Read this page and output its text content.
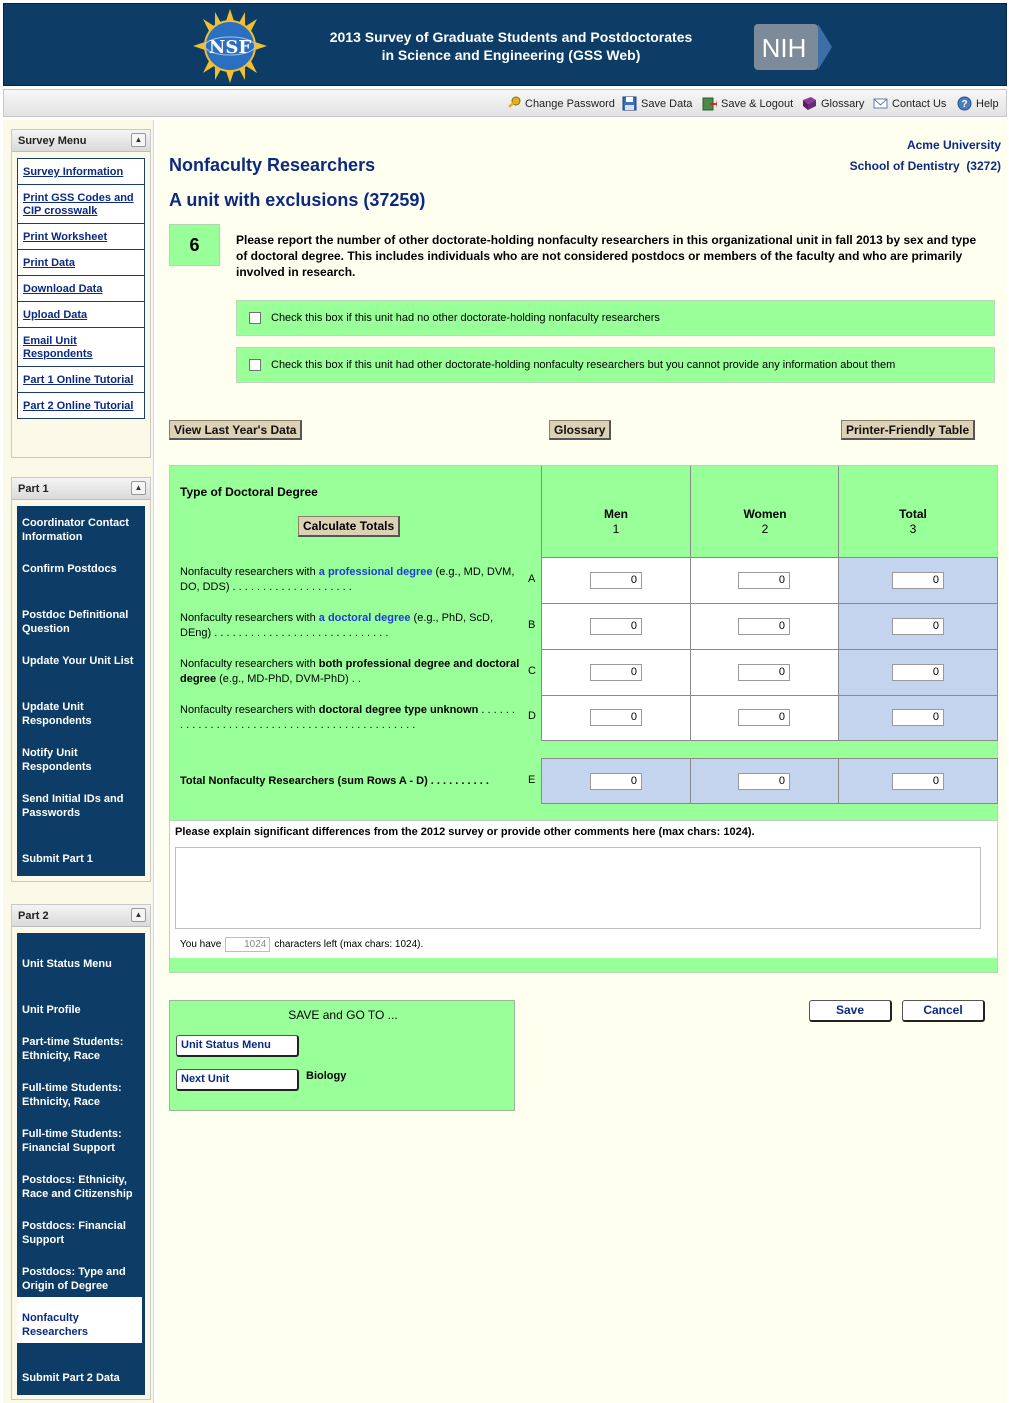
NSF	2013 Survey of Graduate Students and Postdoctorates
in Science and Engineering (GSS Web)	NIH
Change Password Save Data	Save & Logout	Glossary	Contact Us ? Help
Survey Menu	▲
Survey Information
Print GSS Codes and CIP crosswalk
Print Worksheet
Print Data
Download Data
Upload Data
Email Unit Respondents
Part 1 Online Tutorial
Part 2 Online Tutorial
Part 1	▲
Coordinator Contact Information
Confirm Postdocs
Postdoc Definitional Question
Update Your Unit List
Update Unit Respondents
Notify Unit Respondents
Send Initial IDs and Passwords
Submit Part 1
Part 2	▲
Unit Status Menu
Unit Profile
Part-time Students: Ethnicity, Race
Full-time Students: Ethnicity, Race
Full-time Students: Financial Support
Postdocs: Ethnicity, Race and Citizenship
Postdocs: Financial Support
Postdocs: Type and Origin of Degree
Nonfaculty Researchers
Submit Part 2 Data
Acme University
School of Dentistry (3272)
Nonfaculty Researchers
A unit with exclusions (37259)
6	Please report the number of other doctorate-holding nonfaculty researchers in this organizational unit in fall 2013 by sex and type of doctoral degree. This includes individuals who are not considered postdocs or members of the faculty and who are primarily involved in research.
Check this box if this unit had no other doctorate-holding nonfaculty researchers
Check this box if this unit had other doctorate-holding nonfaculty researchers but you cannot provide any information about them
View Last Year's Data	Glossary	Printer-Friendly Table
Type of Doctoral Degree
Calculate Totals
Men
1
Women
2
Total
3
Nonfaculty researchers with a professional degree (e.g., MD, DVM, DO, DDS) . . . . . . . . . . . . . . . . . . . .
A	0	0	0
Nonfaculty researchers with a doctoral degree (e.g., PhD, ScD, DEng) . . . . . . . . . . . . . . . . . . . . . . . . . . . . .
B	0	0	0
Nonfaculty researchers with both professional degree and doctoral degree (e.g., MD-PhD, DVM-PhD) . .
C	0	0	0
Nonfaculty researchers with doctoral degree type unknown . . . . . . . . . . . . . . . . . . . . . . . . . . . . . . . . . . . . . . . . . . . . .
D	0	0	0
Total Nonfaculty Researchers (sum Rows A - D) . . . . . . . . . .	E	0	0	0
Please explain significant differences from the 2012 survey or provide other comments here (max chars: 1024).
You have	1024 characters left (max chars: 1024).
SAVE and GO TO ...
Unit Status Menu
Next Unit	Biology
Save	Cancel
